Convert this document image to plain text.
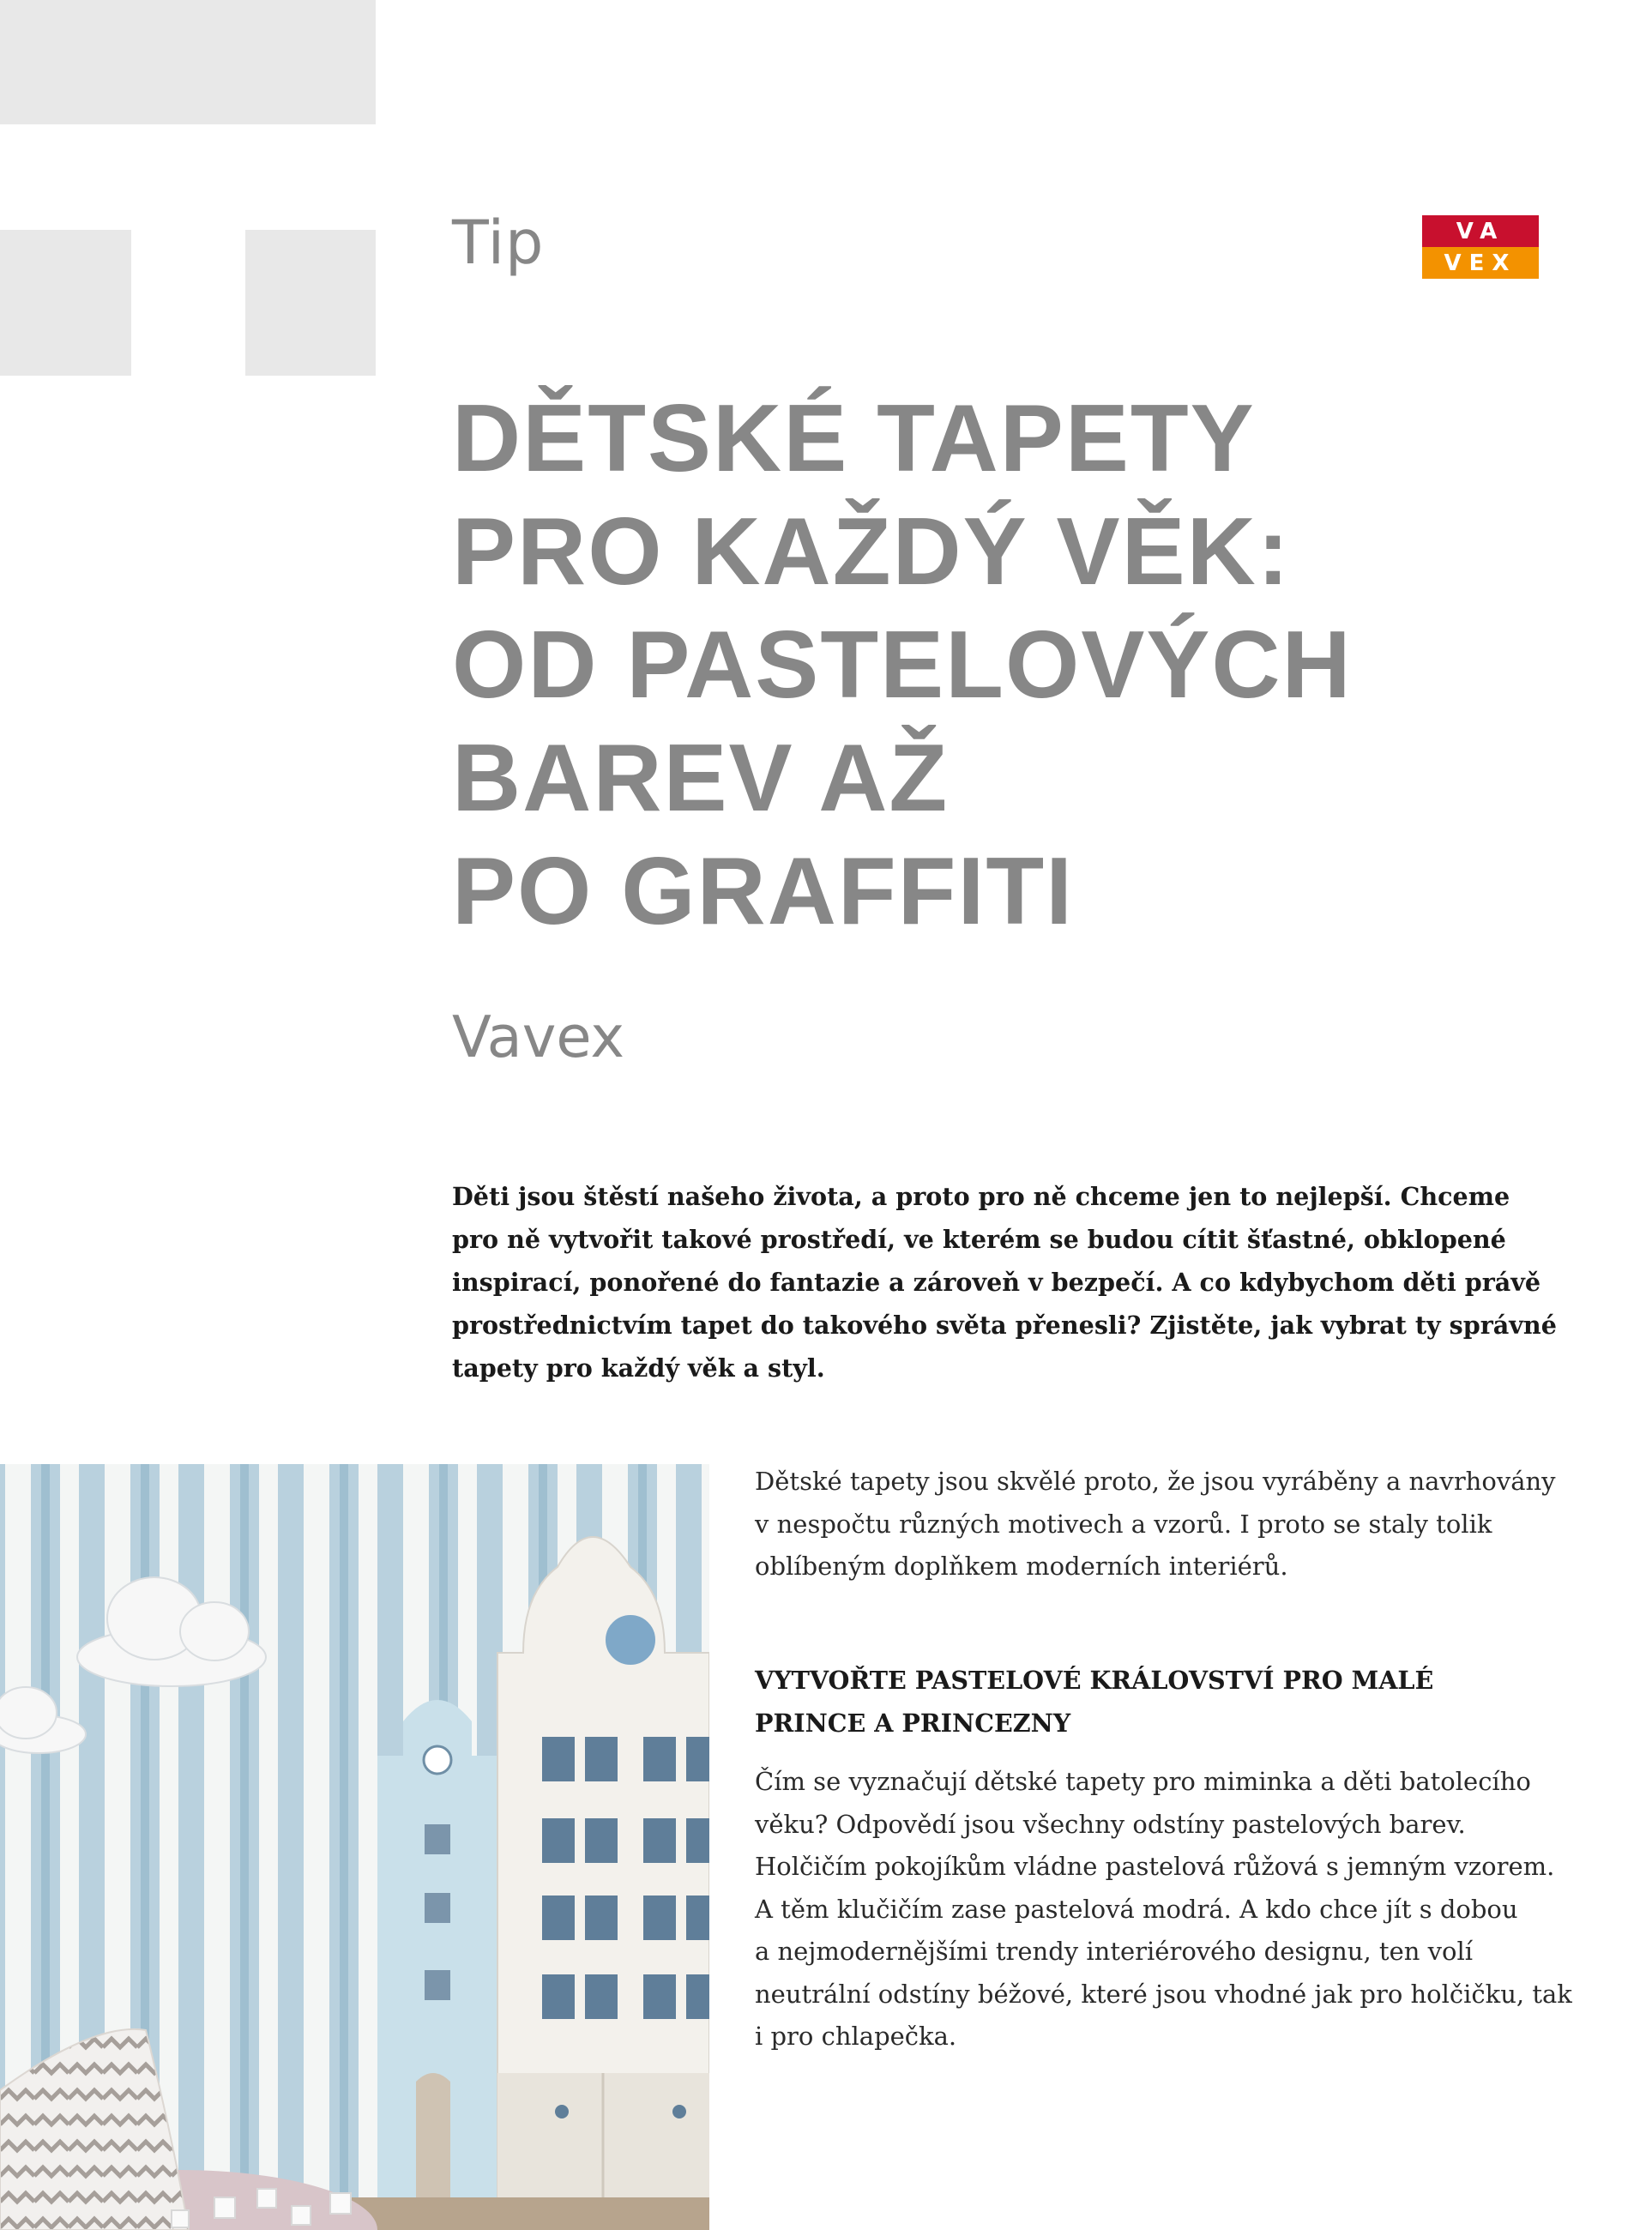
Tip	VA
VEX
DĚTSKÉ TAPETY
PRO KAŽDÝ VĚK:
OD PASTELOVÝCH
BAREV AŽ
PO GRAFFITI
Vavex
Děti jsou štěstí našeho života, a proto pro ně chceme jen to nejlepší. Chceme
pro ně vytvořit takové prostředí, ve kterém se budou cítit šťastné, obklopené
inspirací, ponořené do fantazie a zároveň v bezpečí. A co kdybychom děti právě
prostřednictvím tapet do takového světa přenesli? Zjistěte, jak vybrat ty správné
tapety pro každý věk a styl.
Dětské tapety jsou skvělé proto, že jsou vyráběny a navrhovány
v nespočtu různých motivech a vzorů. I proto se staly tolik
oblíbeným doplňkem moderních interiérů.
VYTVOŘTE PASTELOVÉ KRÁLOVSTVÍ PRO MALÉ
PRINCE A PRINCEZNY
Čím se vyznačují dětské tapety pro miminka a děti batolecího
věku? Odpovědí jsou všechny odstíny pastelových barev.
Holčičím pokojíkům vládne pastelová růžová s jemným vzorem.
A těm klučičím zase pastelová modrá. A kdo chce jít s dobou
a nejmodernějšími trendy interiérového designu, ten volí
neutrální odstíny béžové, které jsou vhodné jak pro holčičku, tak
i pro chlapečka.
